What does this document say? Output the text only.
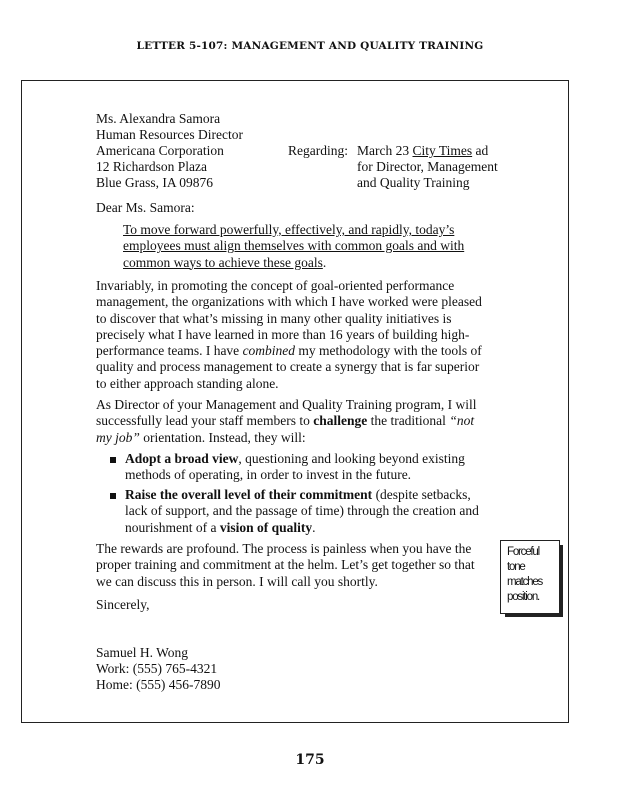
LETTER 5-107: MANAGEMENT AND QUALITY TRAINING
Ms. Alexandra Samora
Human Resources Director
Americana Corporation
12 Richardson Plaza
Blue Grass, IA 09876
Regarding: March 23 City Times ad
for Director, Management
and Quality Training
Dear Ms. Samora:
To move forward powerfully, effectively, and rapidly, today’s
employees must align themselves with common goals and with
common ways to achieve these goals.
Invariably, in promoting the concept of goal-oriented performance
management, the organizations with which I have worked were pleased
to discover that what’s missing in many other quality initiatives is
precisely what I have learned in more than 16 years of building high-
performance teams. I have combined my methodology with the tools of
quality and process management to create a synergy that is far superior
to either approach standing alone.
As Director of your Management and Quality Training program, I will
successfully lead your staff members to challenge the traditional “not
my job” orientation. Instead, they will:
Adopt a broad view, questioning and looking beyond existing
methods of operating, in order to invest in the future.
Raise the overall level of their commitment (despite setbacks,
lack of support, and the passage of time) through the creation and
nourishment of a vision of quality.
The rewards are profound. The process is painless when you have the
proper training and commitment at the helm. Let’s get together so that
we can discuss this in person. I will call you shortly.
Sincerely,
Samuel H. Wong
Work: (555) 765-4321
Home: (555) 456-7890
Forceful
tone
matches
position.
175
